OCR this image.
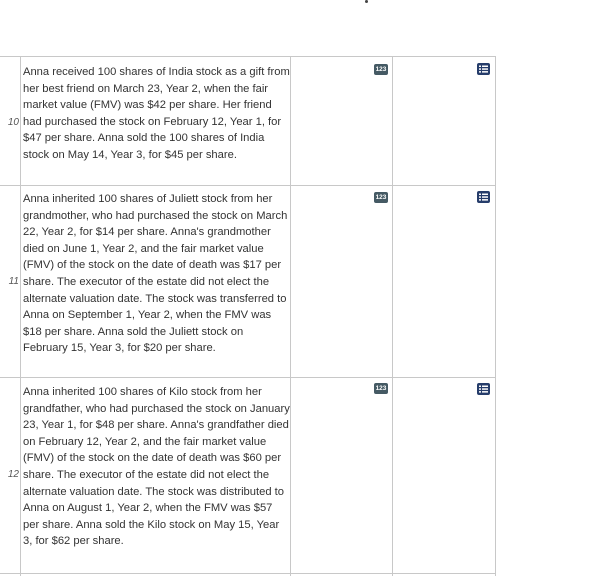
10
Anna received 100 shares of India stock as a gift from her best friend on March 23, Year 2, when the fair market value (FMV) was $42 per share. Her friend had purchased the stock on February 12, Year 1, for $47 per share. Anna sold the 100 shares of India stock on May 14, Year 3, for $45 per share.
123
11
Anna inherited 100 shares of Juliett stock from her grandmother, who had purchased the stock on March 22, Year 2, for $14 per share. Anna's grandmother died on June 1, Year 2, and the fair market value (FMV) of the stock on the date of death was $17 per share. The executor of the estate did not elect the alternate valuation date. The stock was transferred to Anna on September 1, Year 2, when the FMV was $18 per share. Anna sold the Juliett stock on February 15, Year 3, for $20 per share.
123
12
Anna inherited 100 shares of Kilo stock from her grandfather, who had purchased the stock on January 23, Year 1, for $48 per share. Anna's grandfather died on February 12, Year 2, and the fair market value (FMV) of the stock on the date of death was $60 per share. The executor of the estate did not elect the alternate valuation date. The stock was distributed to Anna on August 1, Year 2, when the FMV was $57 per share. Anna sold the Kilo stock on May 15, Year 3, for $62 per share.
123
